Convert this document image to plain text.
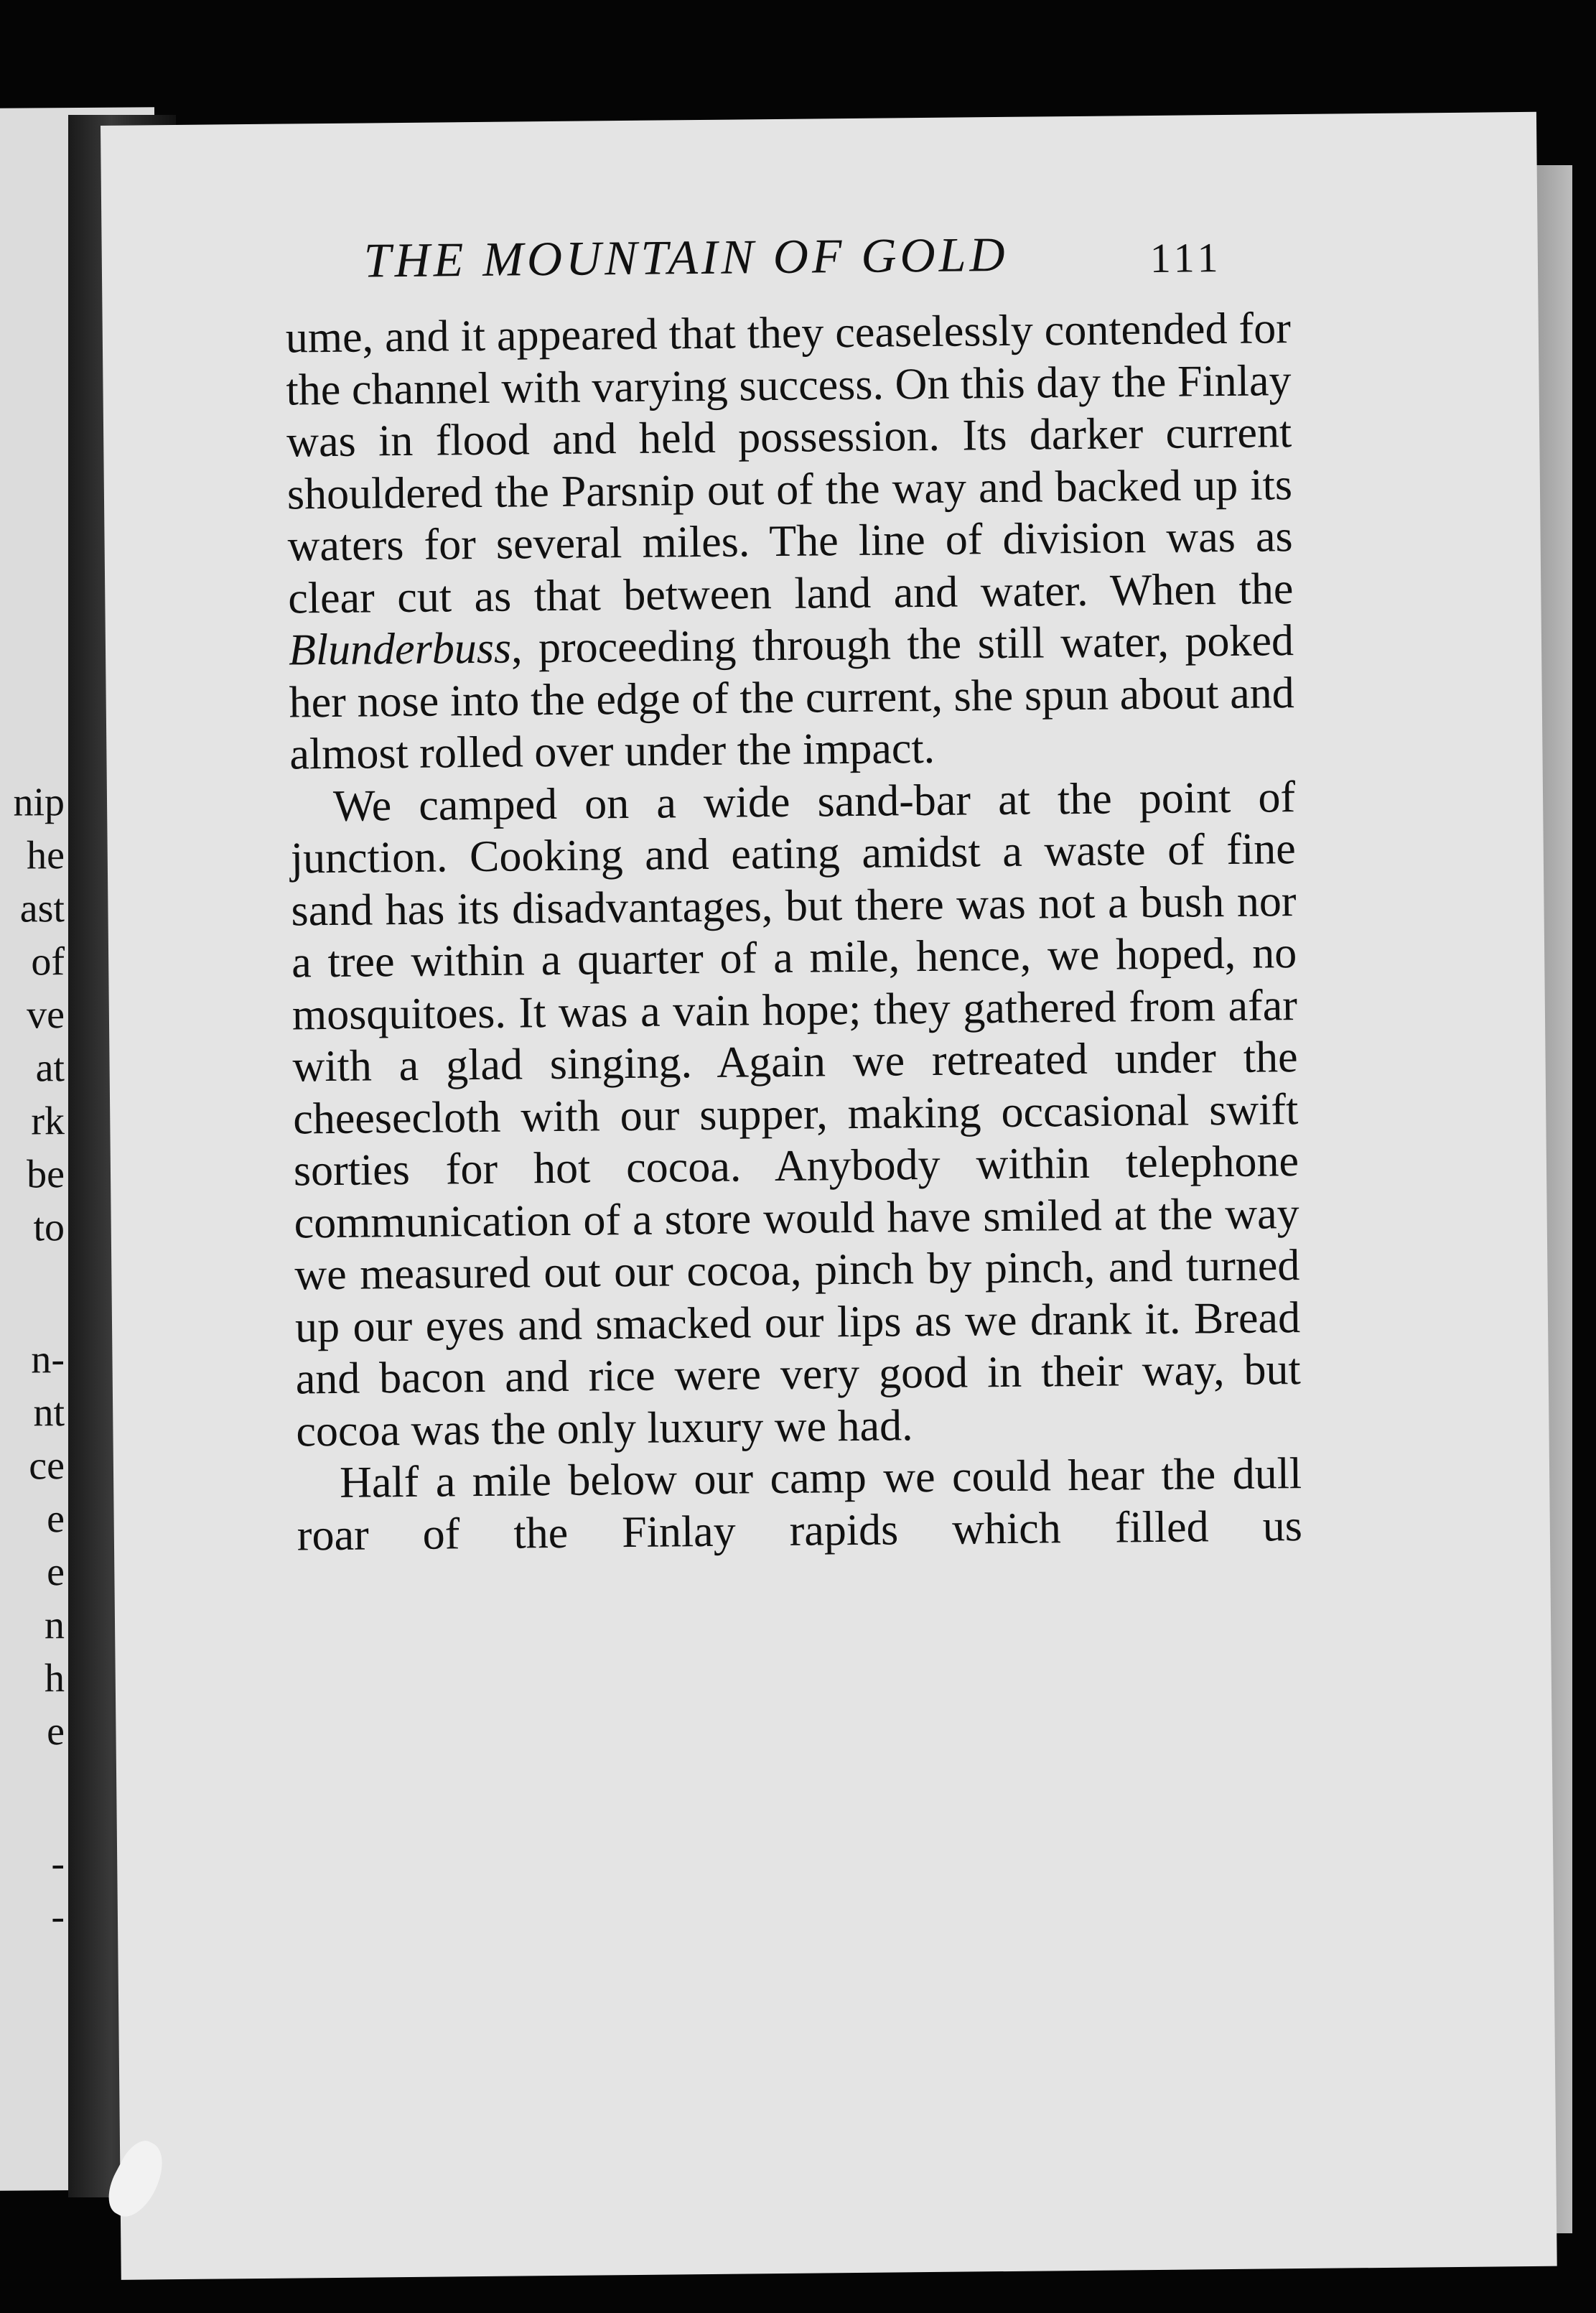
nip
he
ast
of
ve
at
rk
be
to
n-
nt
ce
e
e
n
h
e
-
-
THE MOUNTAIN OF GOLD	111

ume, and it appeared that they ceaselessly contended for the channel with varying success. On this day the Finlay was in flood and held possession. Its darker current shouldered the Parsnip out of the way and backed up its waters for several miles. The line of division was as clear cut as that between land and water. When the Blunderbuss, proceeding through the still water, poked her nose into the edge of the current, she spun about and almost rolled over under the impact.

We camped on a wide sand-bar at the point of junction. Cooking and eating amidst a waste of fine sand has its disadvantages, but there was not a bush nor a tree within a quarter of a mile, hence, we hoped, no mosquitoes. It was a vain hope; they gathered from afar with a glad singing. Again we retreated under the cheesecloth with our supper, making occasional swift sorties for hot cocoa. Anybody within telephone communication of a store would have smiled at the way we measured out our cocoa, pinch by pinch, and turned up our eyes and smacked our lips as we drank it. Bread and bacon and rice were very good in their way, but cocoa was the only luxury we had.

Half a mile below our camp we could hear the dull roar of the Finlay rapids which filled us
